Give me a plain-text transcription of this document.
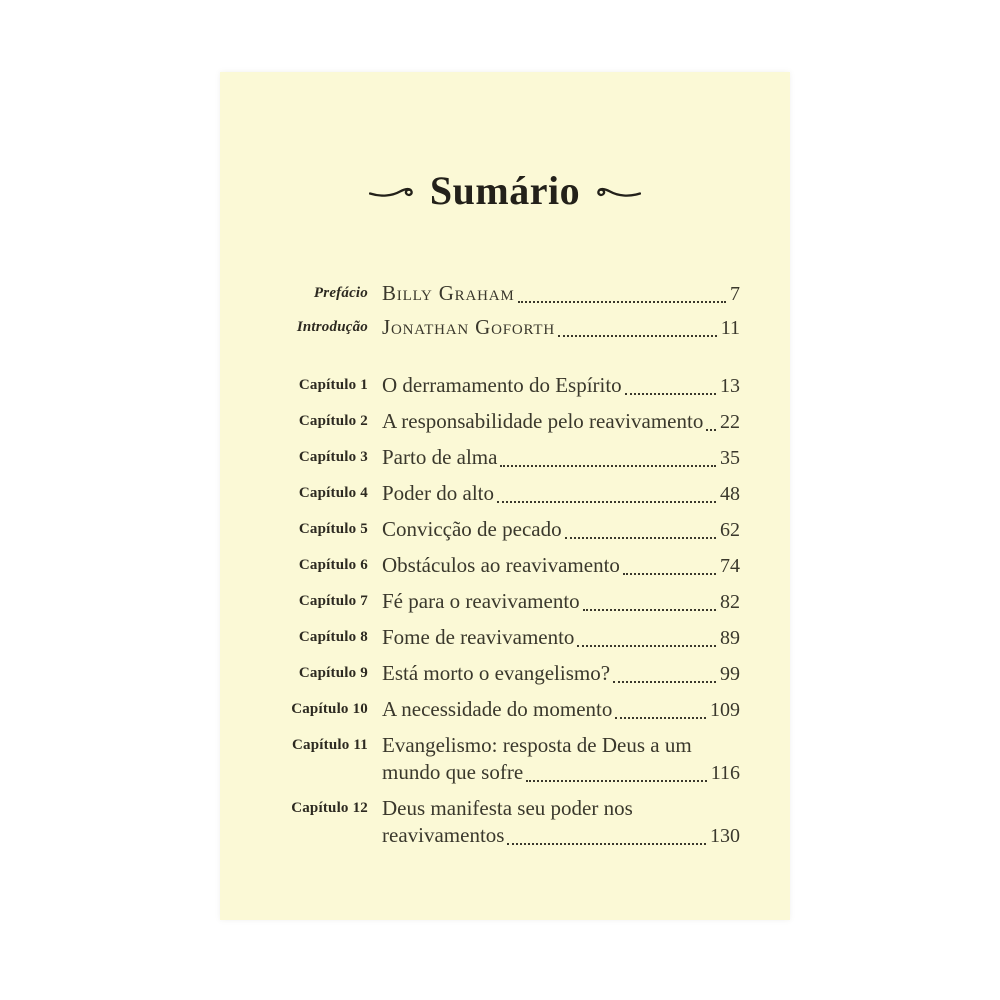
Sumário
Prefácio Billy Graham	7
Introdução Jonathan Goforth	11
Capítulo 1 O derramamento do Espírito	13
Capítulo 2 A responsabilidade pelo reavivamento 22
Capítulo 3 Parto de alma	35
Capítulo 4 Poder do alto	48
Capítulo 5 Convicção de pecado	62
Capítulo 6 Obstáculos ao reavivamento	74
Capítulo 7 Fé para o reavivamento	82
Capítulo 8 Fome de reavivamento	89
Capítulo 9 Está morto o evangelismo?	99
Capítulo 10 A necessidade do momento	109
Capítulo 11 Evangelismo: resposta de Deus a um
mundo que sofre	116
Capítulo 12 Deus manifesta seu poder nos
reavivamentos	130
